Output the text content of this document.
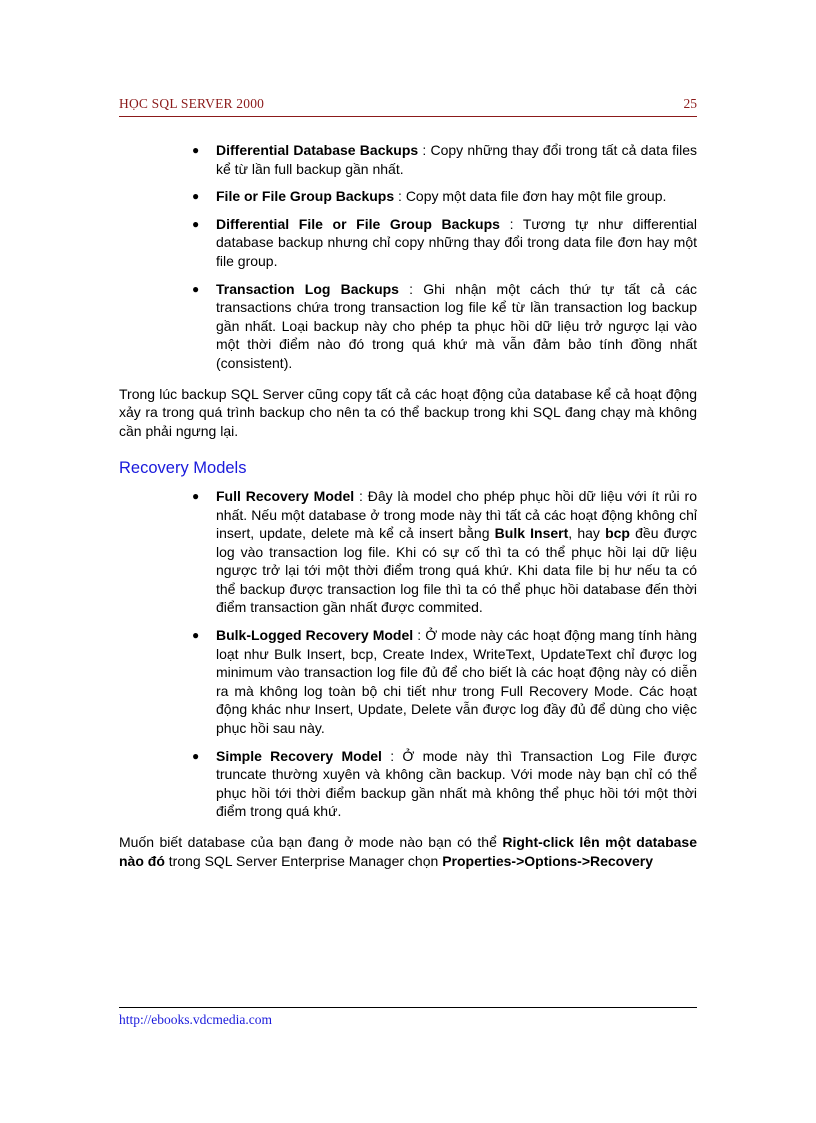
HỌC SQL SERVER 2000	25
● Differential Database Backups : Copy những thay đổi trong tất cả data files kể từ lần full backup gần nhất.
● File or File Group Backups : Copy một data file đơn hay một file group.
● Differential File or File Group Backups : Tương tự như differential database backup nhưng chỉ copy những thay đổi trong data file đơn hay một file group.
● Transaction Log Backups : Ghi nhận một cách thứ tự tất cả các transactions chứa trong transaction log file kể từ lần transaction log backup gần nhất. Loại backup này cho phép ta phục hồi dữ liệu trở ngược lại vào một thời điểm nào đó trong quá khứ mà vẫn đảm bảo tính đồng nhất (consistent).

Trong lúc backup SQL Server cũng copy tất cả các hoạt động của database kể cả hoạt động xảy ra trong quá trình backup cho nên ta có thể backup trong khi SQL đang chạy mà không cần phải ngưng lại.

Recovery Models

● Full Recovery Model : Đây là model cho phép phục hồi dữ liệu với ít rủi ro nhất. Nếu một database ở trong mode này thì tất cả các hoạt động không chỉ insert, update, delete mà kể cả insert bằng Bulk Insert, hay bcp đều được log vào transaction log file. Khi có sự cố thì ta có thể phục hồi lại dữ liệu ngược trở lại tới một thời điểm trong quá khứ. Khi data file bị hư nếu ta có thể backup được transaction log file thì ta có thể phục hồi database đến thời điểm transaction gần nhất được commited.
● Bulk-Logged Recovery Model : Ở mode này các hoạt động mang tính hàng loạt như Bulk Insert, bcp, Create Index, WriteText, UpdateText chỉ được log minimum vào transaction log file đủ để cho biết là các hoạt động này có diễn ra mà không log toàn bộ chi tiết như trong Full Recovery Mode. Các hoạt động khác như Insert, Update, Delete vẫn được log đầy đủ để dùng cho việc phục hồi sau này.
● Simple Recovery Model : Ở mode này thì Transaction Log File được truncate thường xuyên và không cần backup. Với mode này bạn chỉ có thể phục hồi tới thời điểm backup gần nhất mà không thể phục hồi tới một thời điểm trong quá khứ.

Muốn biết database của bạn đang ở mode nào bạn có thể Right-click lên một database nào đó trong SQL Server Enterprise Manager chọn Properties->Options->Recovery

http://ebooks.vdcmedia.com
